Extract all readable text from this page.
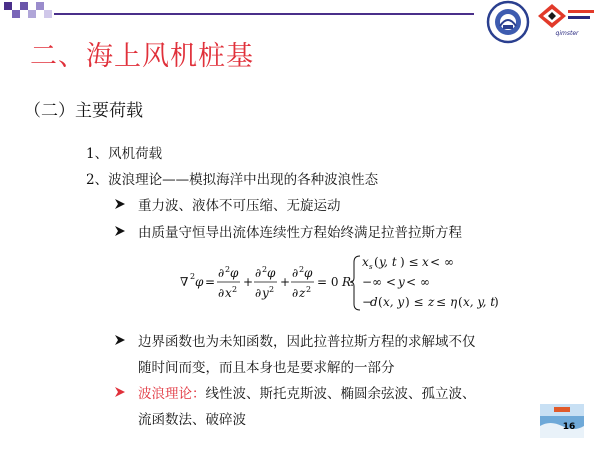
qimster
二、海上风机桩基
（二）主要荷载
1、风机荷载
2、波浪理论——模拟海洋中出现的各种波浪性态
重力波、液体不可压缩、无旋运动
由质量守恒导出流体连续性方程始终满足拉普拉斯方程
∇ 2 φ =
∂ 2 φ
∂ x 2
+
∂ 2 φ
∂ y 2
+
∂ 2 φ
∂ z 2
= 0 R
:
x s ( y, t ) ≤ x < ∞
−∞ < y < ∞
−
d ( x, y ) ≤ z ≤ η ( x, y, t
)
边界函数也为未知函数，因此拉普拉斯方程的求解域不仅
随时间而变，而且本身也是要求解的一部分
波浪理论：线性波、斯托克斯波、椭圆余弦波、孤立波、
流函数法、破碎波	16
